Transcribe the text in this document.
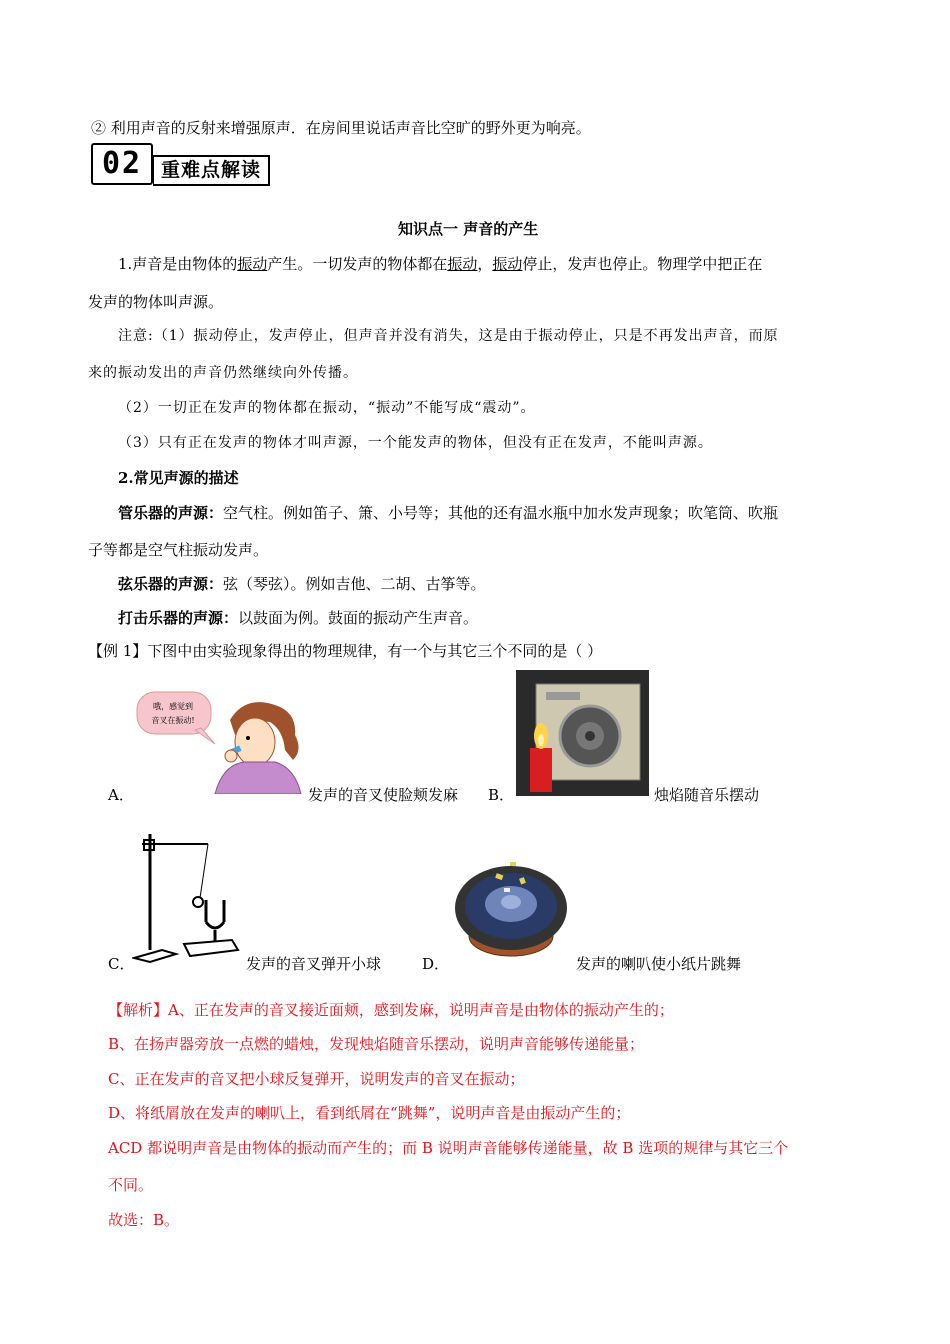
② 利用声音的反射来增强原声．在房间里说话声音比空旷的野外更为响亮。
02 重难点解读
知识点一 声音的产生
1.声音是由物体的振动产生。一切发声的物体都在振动，振动停止，发声也停止。物理学中把正在
发声的物体叫声源。
注意:（1）振动停止，发声停止，但声音并没有消失，这是由于振动停止，只是不再发出声音，而原
来的振动发出的声音仍然继续向外传播。
（2）一切正在发声的物体都在振动，“振动”不能写成“震动”。
（3）只有正在发声的物体才叫声源，一个能发声的物体，但没有正在发声，不能叫声源。
2.常见声源的描述
管乐器的声源：空气柱。例如笛子、箫、小号等；其他的还有温水瓶中加水发声现象；吹笔筒、吹瓶
子等都是空气柱振动发声。
弦乐器的声源：弦（琴弦）。例如吉他、二胡、古筝等。
打击乐器的声源：以鼓面为例。鼓面的振动产生声音。
【例 1】下图中由实验现象得出的物理规律，有一个与其它三个不同的是（ ）
A．
哦，感觉到
音叉在振动!
发声的音叉使脸颊发麻 B．	烛焰随音乐摆动
C．	发声的音叉弹开小球	D．	发声的喇叭使小纸片跳舞
【解析】A、正在发声的音叉接近面颊，感到发麻，说明声音是由物体的振动产生的；
B、在扬声器旁放一点燃的蜡烛，发现烛焰随音乐摆动，说明声音能够传递能量；
C、正在发声的音叉把小球反复弹开，说明发声的音叉在振动；
D、将纸屑放在发声的喇叭上，看到纸屑在“跳舞”，说明声音是由振动产生的；
ACD 都说明声音是由物体的振动而产生的；而 B 说明声音能够传递能量，故 B 选项的规律与其它三个
不同。
故选：B。
